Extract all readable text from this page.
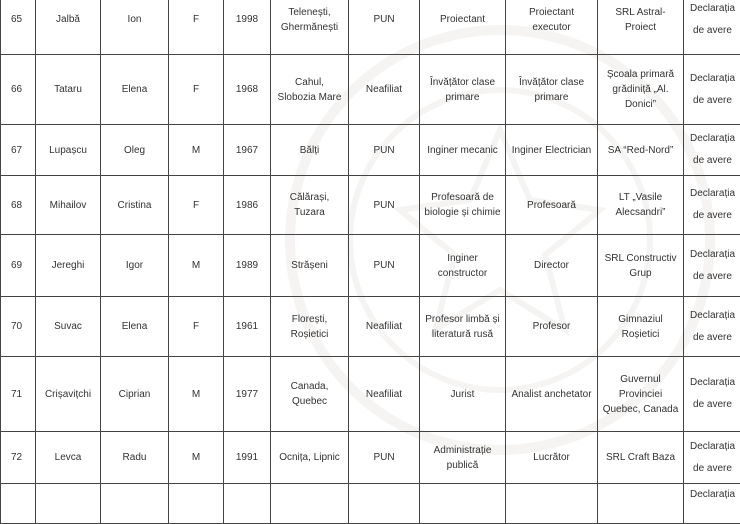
65	Jalbă	Ion	F	1998	Telenești, Ghermănești	PUN	Proiectant	Proiectant executor	SRL Astral-Proiect	Declarația de avere
66	Tataru	Elena	F	1968	Cahul, Slobozia Mare	Neafiliat	Învățător clase primare	Învățător clase primare	Școala primară grădiniță „Al. Donici”	Declarația de avere
67	Lupașcu	Oleg	M	1967	Bălți	PUN	Inginer mecanic	Inginer Electrician	SA “Red-Nord”	Declarația de avere
68	Mihailov	Cristina	F	1986	Călărași, Tuzara	PUN	Profesoară de biologie și chimie	Profesoară	LT „Vasile Alecsandri”	Declarația de avere
69	Jereghi	Igor	M	1989	Strășeni	PUN	Inginer constructor	Director	SRL Constructiv Grup	Declarația de avere
70	Suvac	Elena	F	1961	Florești, Roșietici	Neafiliat	Profesor limbă și literatură rusă	Profesor	Gimnaziul Roșietici	Declarația de avere
71	Crișavițchi	Ciprian	M	1977	Canada, Quebec	Neafiliat	Jurist	Analist anchetator	Guvernul Provinciei Quebec, Canada	Declarația de avere
72	Levca	Radu	M	1991	Ocnița, Lipnic	PUN	Administrație publică	Lucrător	SRL Craft Baza	Declarația de avere
										Declarația
